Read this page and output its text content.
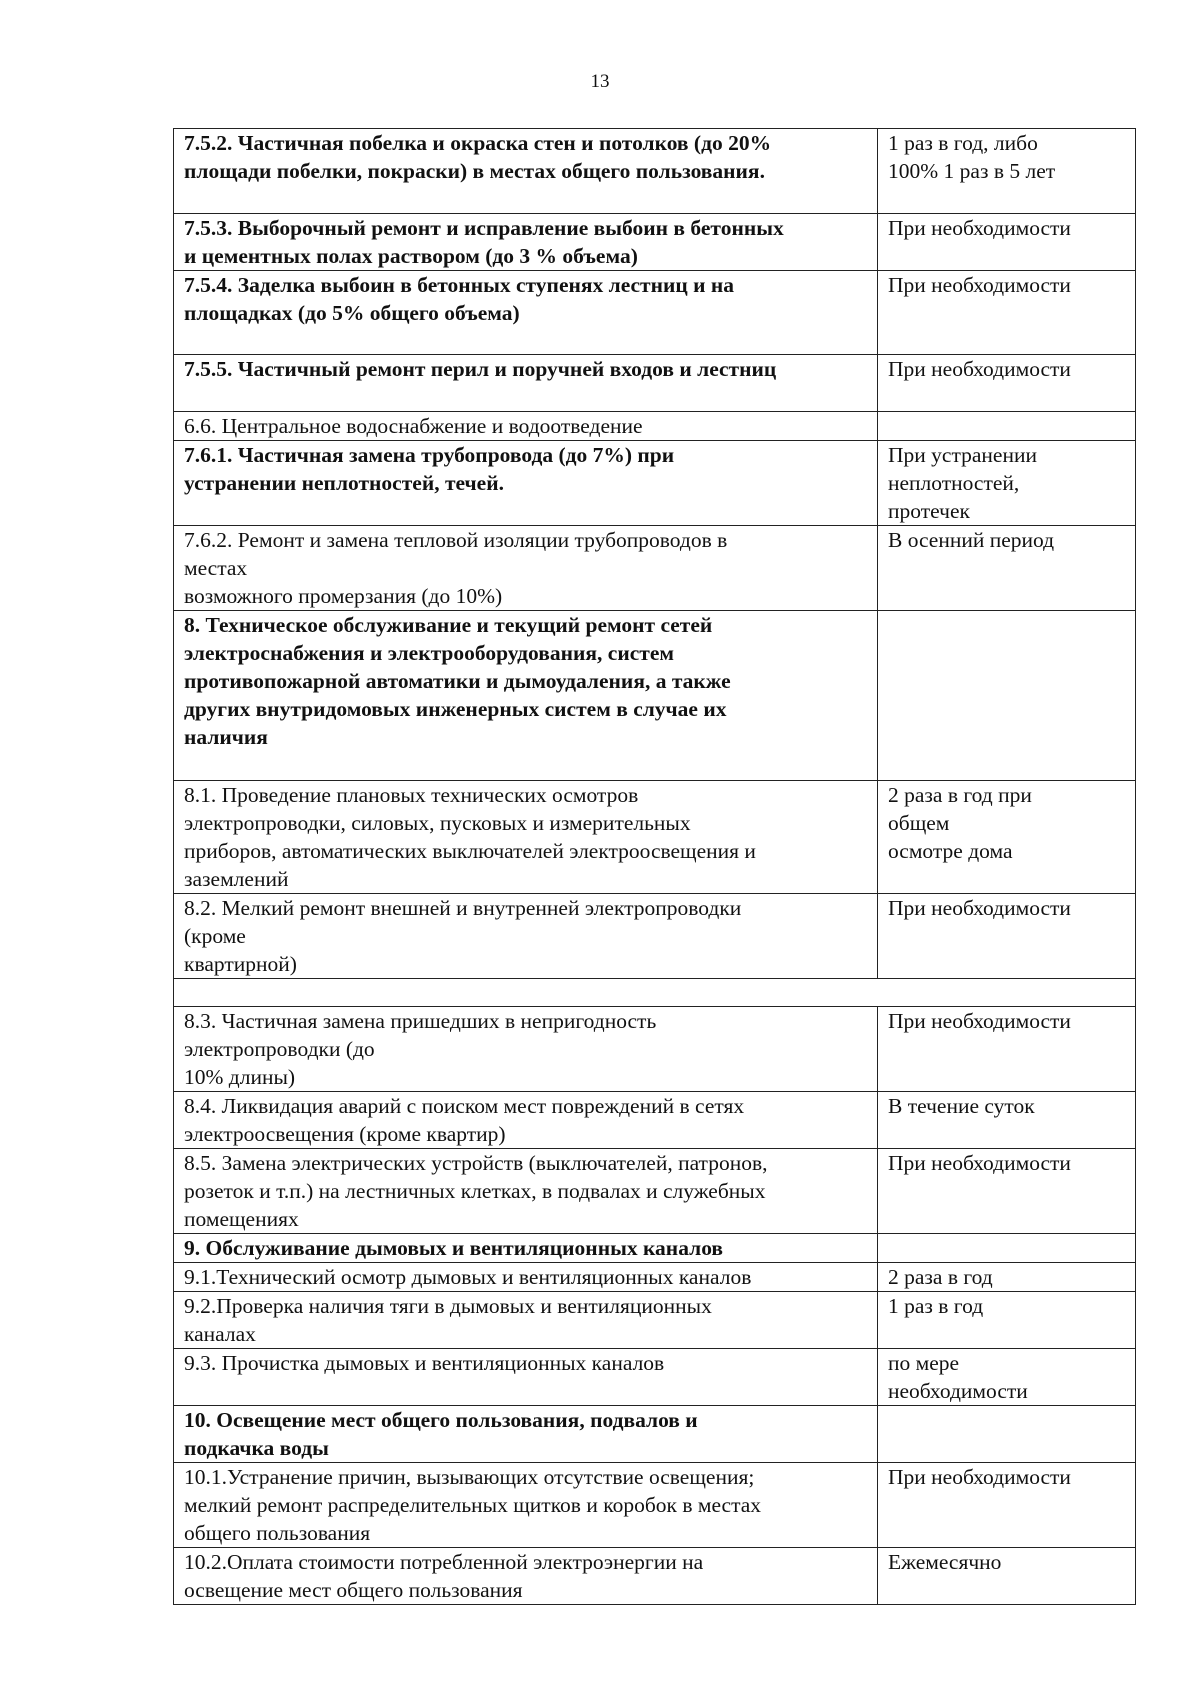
13
7.5.2. Частичная побелка и окраска стен и потолков (до 20%
площади побелки, покраски) в местах общего пользования.	1 раз в год, либо
100% 1 раз в 5 лет
7.5.3. Выборочный ремонт и исправление выбоин в бетонных
и цементных полах раствором (до 3 % объема)	При необходимости
7.5.4. Заделка выбоин в бетонных ступенях лестниц и на
площадках (до 5% общего объема)	При необходимости
7.5.5. Частичный ремонт перил и поручней входов и лестниц	При необходимости
6.6. Центральное водоснабжение и водоотведение	
7.6.1. Частичная замена трубопровода (до 7%) при
устранении неплотностей, течей.	При устранении
неплотностей,
протечек
7.6.2. Ремонт и замена тепловой изоляции трубопроводов в
местах
возможного промерзания (до 10%)	В осенний период
8. Техническое обслуживание и текущий ремонт сетей
электроснабжения и электрооборудования, систем
противопожарной автоматики и дымоудаления, а также
других внутридомовых инженерных систем в случае их
наличия	
8.1. Проведение плановых технических осмотров
электропроводки, силовых, пусковых и измерительных
приборов, автоматических выключателей электроосвещения и
заземлений	2 раза в год при
общем
осмотре дома
8.2. Мелкий ремонт внешней и внутренней электропроводки
(кроме
квартирной)	При необходимости

8.3. Частичная замена пришедших в непригодность
электропроводки (до
10% длины)	При необходимости
8.4. Ликвидация аварий с поиском мест повреждений в сетях
электроосвещения (кроме квартир)	В течение суток
8.5. Замена электрических устройств (выключателей, патронов,
розеток и т.п.) на лестничных клетках, в подвалах и служебных
помещениях	При необходимости
9. Обслуживание дымовых и вентиляционных каналов	
9.1.Технический осмотр дымовых и вентиляционных каналов	2 раза в год
9.2.Проверка наличия тяги в дымовых и вентиляционных
каналах	1 раз в год
9.3. Прочистка дымовых и вентиляционных каналов	по мере
необходимости
10. Освещение мест общего пользования, подвалов и
подкачка воды	
10.1.Устранение причин, вызывающих отсутствие освещения;
мелкий ремонт распределительных щитков и коробок в местах
общего пользования	При необходимости
10.2.Оплата стоимости потребленной электроэнергии на
освещение мест общего пользования	Ежемесячно
